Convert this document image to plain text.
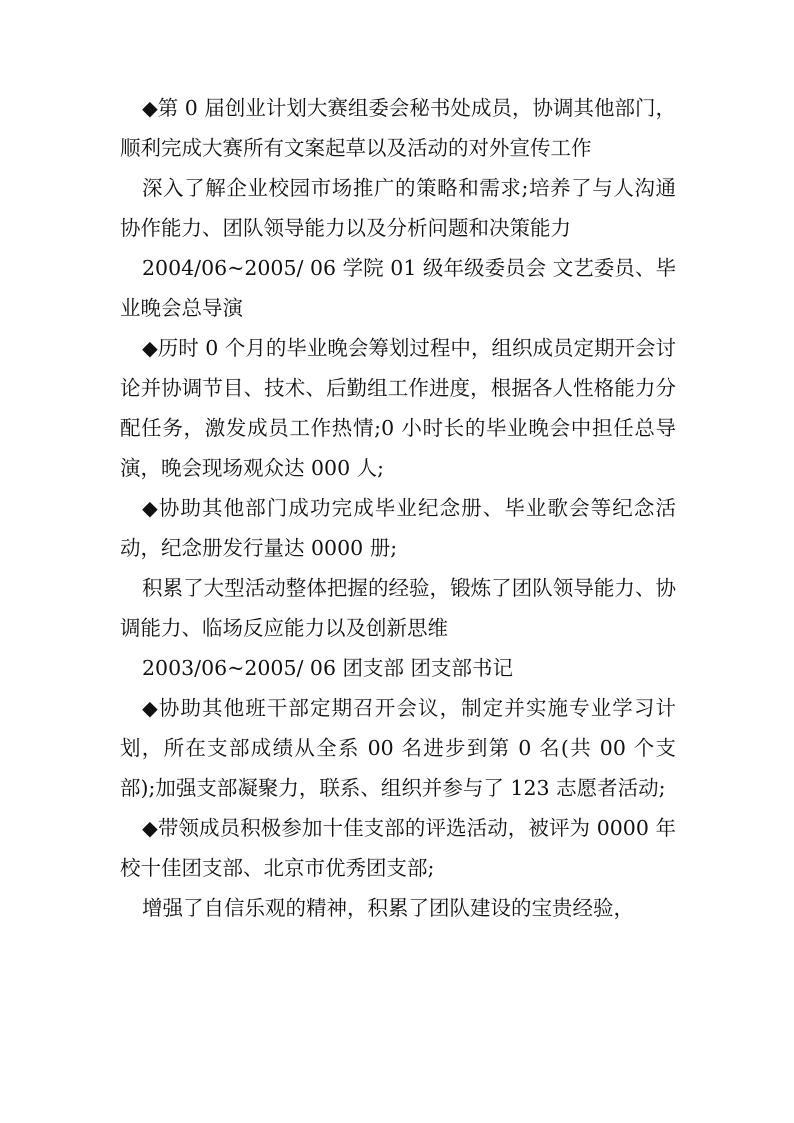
◆第 0 届创业计划大赛组委会秘书处成员，协调其他部门，顺利完成大赛所有文案起草以及活动的对外宣传工作

深入了解企业校园市场推广的策略和需求;培养了与人沟通协作能力、团队领导能力以及分析问题和决策能力

2004/06~2005/ 06 学院 01 级年级委员会 文艺委员、毕业晚会总导演

◆历时 0 个月的毕业晚会筹划过程中，组织成员定期开会讨论并协调节目、技术、后勤组工作进度，根据各人性格能力分配任务，激发成员工作热情;0 小时长的毕业晚会中担任总导演，晚会现场观众达 000 人;

◆协助其他部门成功完成毕业纪念册、毕业歌会等纪念活动，纪念册发行量达 0000 册;

积累了大型活动整体把握的经验，锻炼了团队领导能力、协调能力、临场反应能力以及创新思维

2003/06~2005/ 06 团支部 团支部书记

◆协助其他班干部定期召开会议，制定并实施专业学习计划，所在支部成绩从全系 00 名进步到第 0 名(共 00 个支部);加强支部凝聚力，联系、组织并参与了 123 志愿者活动;

◆带领成员积极参加十佳支部的评选活动，被评为 0000 年校十佳团支部、北京市优秀团支部;

增强了自信乐观的精神，积累了团队建设的宝贵经验，
